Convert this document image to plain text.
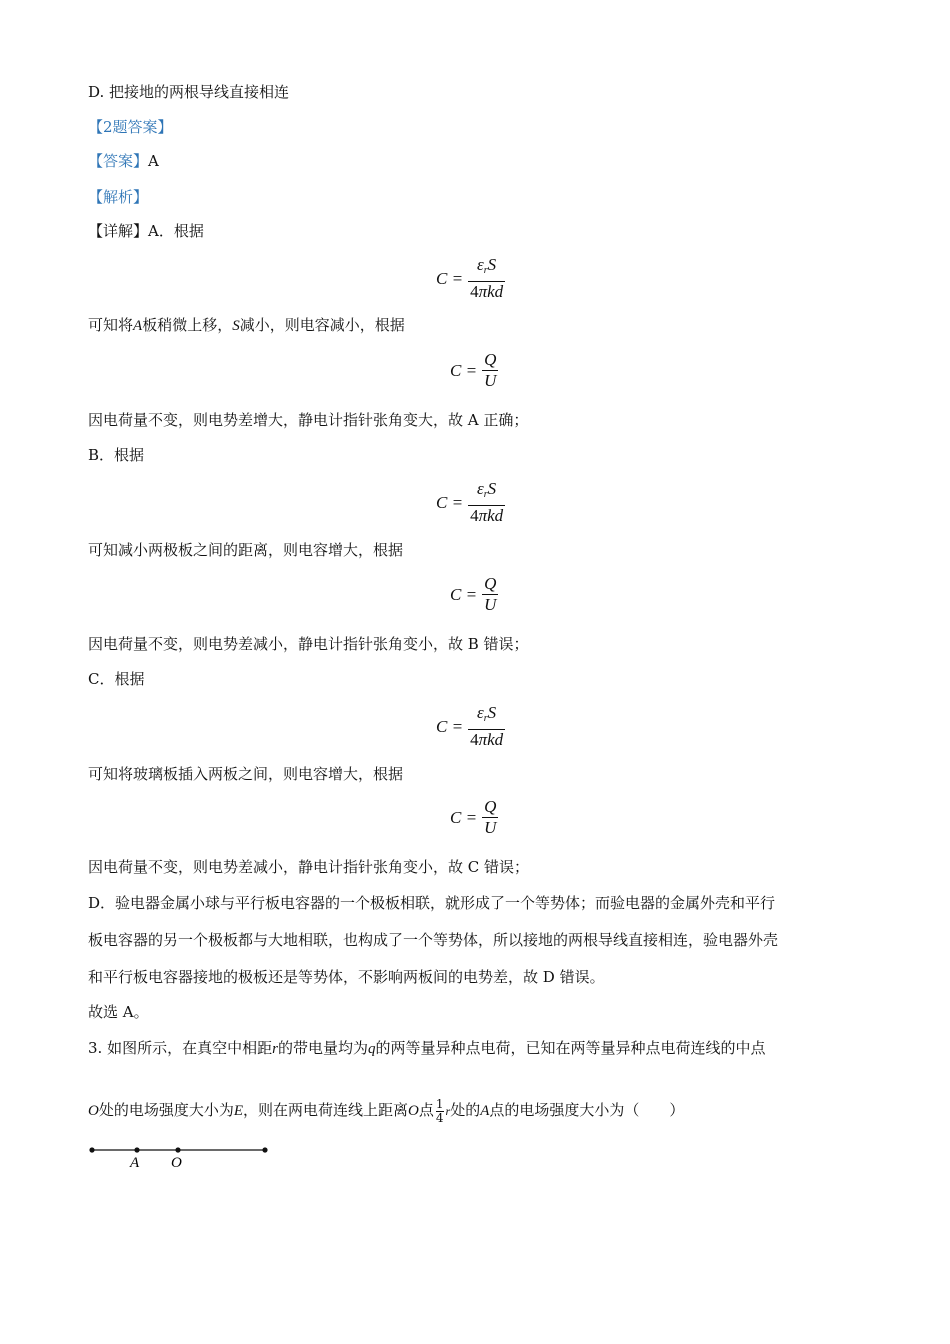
D. 把接地的两根导线直接相连
【2题答案】
【答案】A
【解析】
【详解】A．根据
$C = \frac{\varepsilon_rS}{\text{4πkd}}$
可知将A板稍微上移，S减小，则电容减小，根据
$C = \frac{Q}{U}$
因电荷量不变，则电势差增大，静电计指针张角变大，故 A 正确；
B．根据
$C = \frac{\varepsilon_rS}{\text{4πkd}}$
可知减小两极板之间的距离，则电容增大，根据
$C = \frac{Q}{U}$
因电荷量不变，则电势差减小，静电计指针张角变小，故 B 错误；
C．根据
$C = \frac{\varepsilon_rS}{\text{4πkd}}$
可知将玻璃板插入两板之间，则电容增大，根据
$C = \frac{Q}{U}$
因电荷量不变，则电势差减小，静电计指针张角变小，故 C 错误；
D．验电器金属小球与平行板电容器的一个极板相联，就形成了一个等势体；而验电器的金属外壳和平行
板电容器的另一个极板都与大地相联，也构成了一个等势体，所以接地的两根导线直接相连，验电器外壳
和平行板电容器接地的极板还是等势体，不影响两板间的电势差，故 D 错误。
故选 A。
3. 如图所示，在真空中相距r的带电量均为q的两等量异种点电荷，已知在两等量异种点电荷连线的中点
O处的电场强度大小为E，则在两电荷连线上距离O点 $\frac{1}{4}$ r处的A点的电场强度大小为（　　）
A O
